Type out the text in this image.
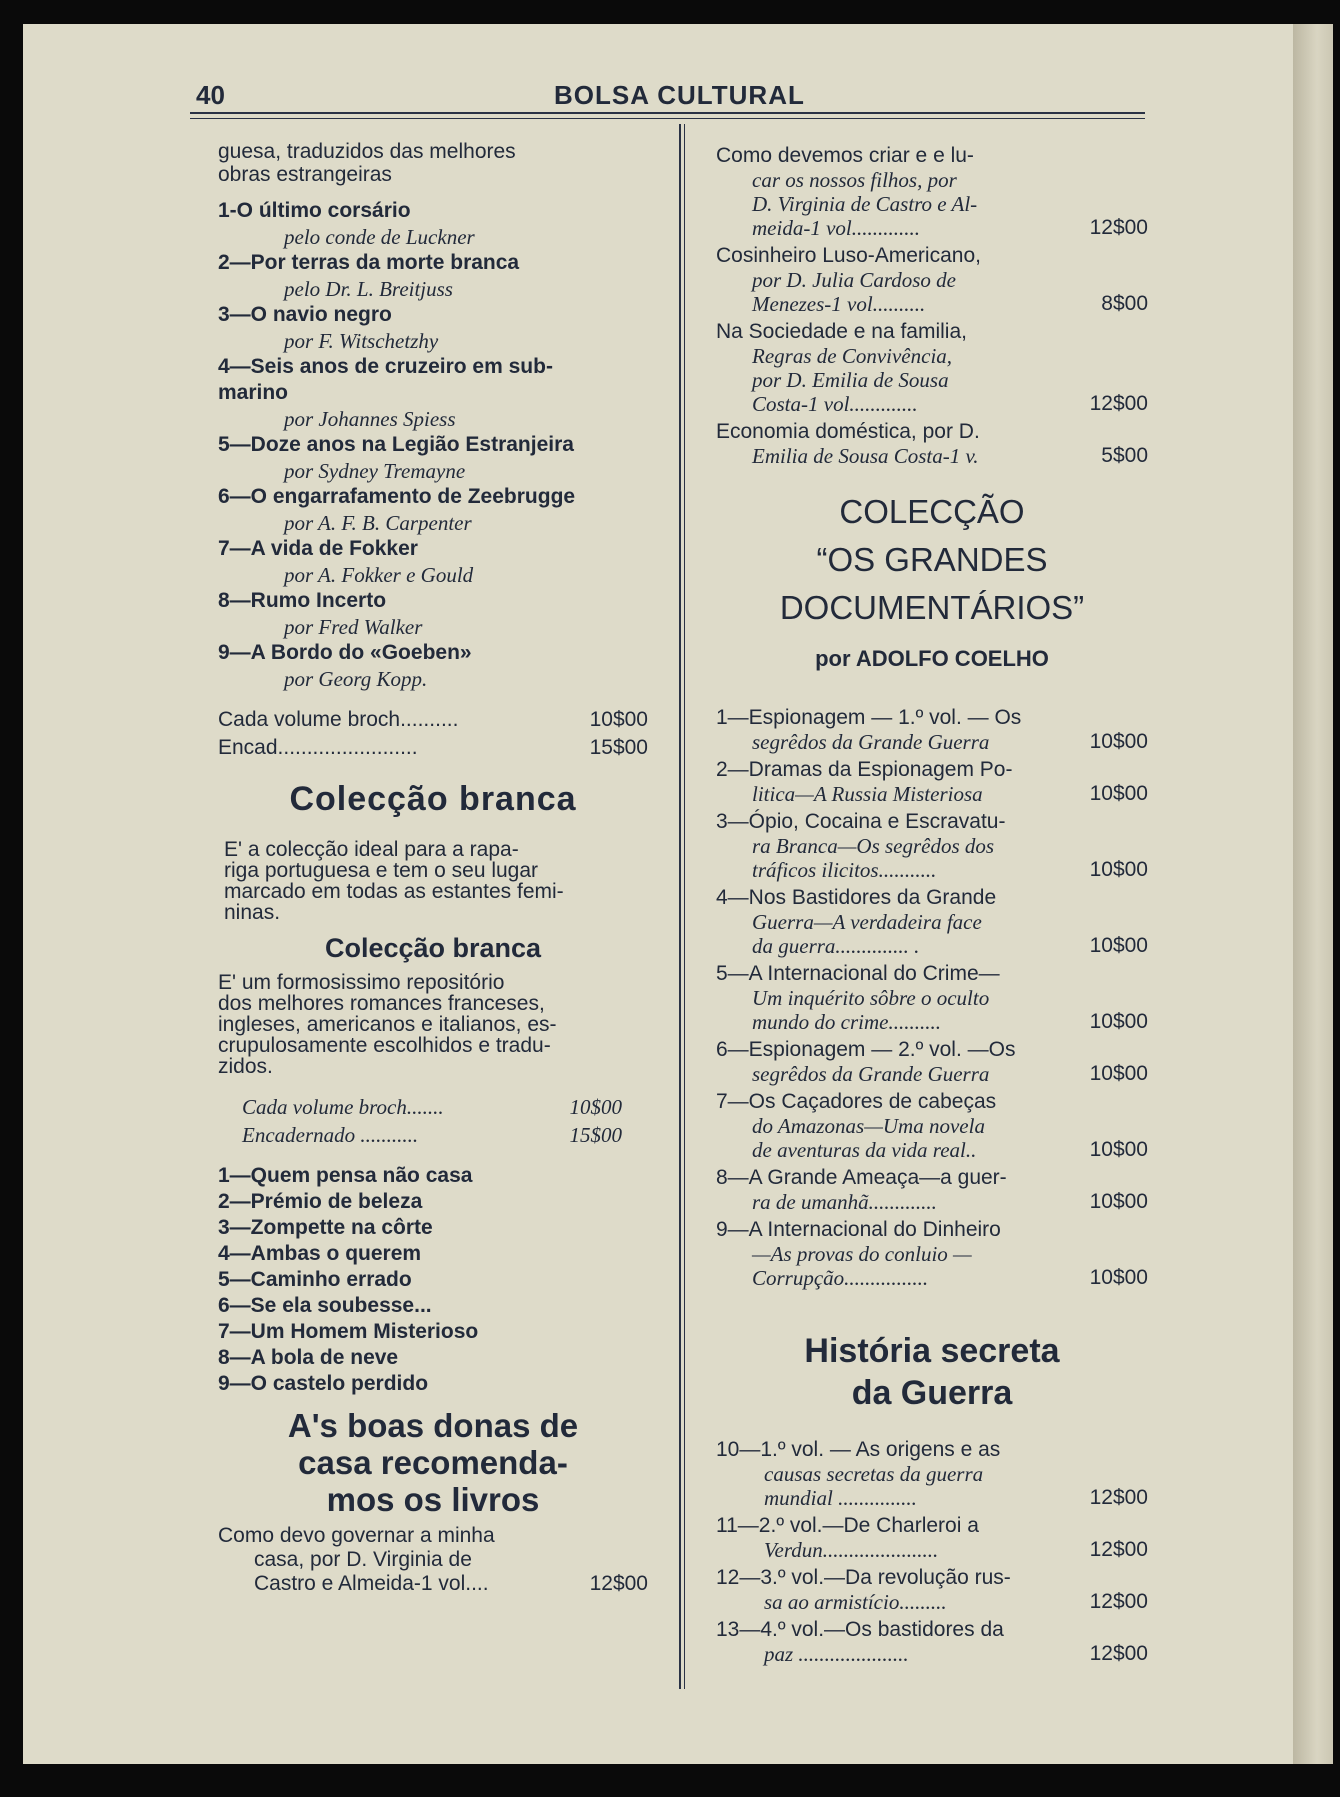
40	BOLSA CULTURAL
guesa, traduzidos das melhores
obras estrangeiras
1-O último corsário
pelo conde de Luckner
2—Por terras da morte branca
pelo Dr. L. Breitjuss
3—O navio negro
por F. Witschetzhy
4—Seis anos de cruzeiro em sub-
marino
por Johannes Spiess
5—Doze anos na Legião Estranjeira
por Sydney Tremayne
6—O engarrafamento de Zeebrugge
por A. F. B. Carpenter
7—A vida de Fokker
por A. Fokker e Gould
8—Rumo Incerto
por Fred Walker
9—A Bordo do «Goeben»
por Georg Kopp.
Cada volume broch..........	10$00
Encad........................	15$00
Colecção branca
E' a colecção ideal para a rapa-
riga portuguesa e tem o seu lugar
marcado em todas as estantes femi-
ninas.
Colecção branca
E' um formosissimo repositório
dos melhores romances franceses,
ingleses, americanos e italianos, es-
crupulosamente escolhidos e tradu-
zidos.
Cada volume broch.......	10$00
Encadernado ...........	15$00
1—Quem pensa não casa
2—Prémio de beleza
3—Zompette na côrte
4—Ambas o querem
5—Caminho errado
6—Se ela soubesse...
7—Um Homem Misterioso
8—A bola de neve
9—O castelo perdido
A's boas donas de
casa recomenda-
mos os livros
Como devo governar a minha
casa, por D. Virginia de
Castro e Almeida-1 vol....	12$00
Como devemos criar e e lu-
car os nossos filhos, por
D. Virginia de Castro e Al-
meida-1 vol.............	12$00
Cosinheiro Luso-Americano,
por D. Julia Cardoso de
Menezes-1 vol..........	8$00
Na Sociedade e na familia,
Regras de Convivência,
por D. Emilia de Sousa
Costa-1 vol.............	12$00
Economia doméstica, por D.
Emilia de Sousa Costa-1 v.	5$00
COLECÇÃO
“OS GRANDES
DOCUMENTÁRIOS”
por ADOLFO COELHO
1—Espionagem — 1.º vol. — Os
segrêdos da Grande Guerra	10$00
2—Dramas da Espionagem Po-
litica—A Russia Misteriosa	10$00
3—Ópio, Cocaina e Escravatu-
ra Branca—Os segrêdos dos
tráficos ilicitos...........	10$00
4—Nos Bastidores da Grande
Guerra—A verdadeira face
da guerra.............. .	10$00
5—A Internacional do Crime—
Um inquérito sôbre o oculto
mundo do crime..........	10$00
6—Espionagem — 2.º vol. —Os
segrêdos da Grande Guerra	10$00
7—Os Caçadores de cabeças
do Amazonas—Uma novela
de aventuras da vida real..	10$00
8—A Grande Ameaça—a guer-
ra de umanhã.............	10$00
9—A Internacional do Dinheiro
—As provas do conluio —
Corrupção................	10$00
História secreta
da Guerra
10—1.º vol. — As origens e as
causas secretas da guerra
mundial ...............	12$00
11—2.º vol.—De Charleroi a
Verdun......................	12$00
12—3.º vol.—Da revolução rus-
sa ao armistício.........	12$00
13—4.º vol.—Os bastidores da
paz .....................	12$00
